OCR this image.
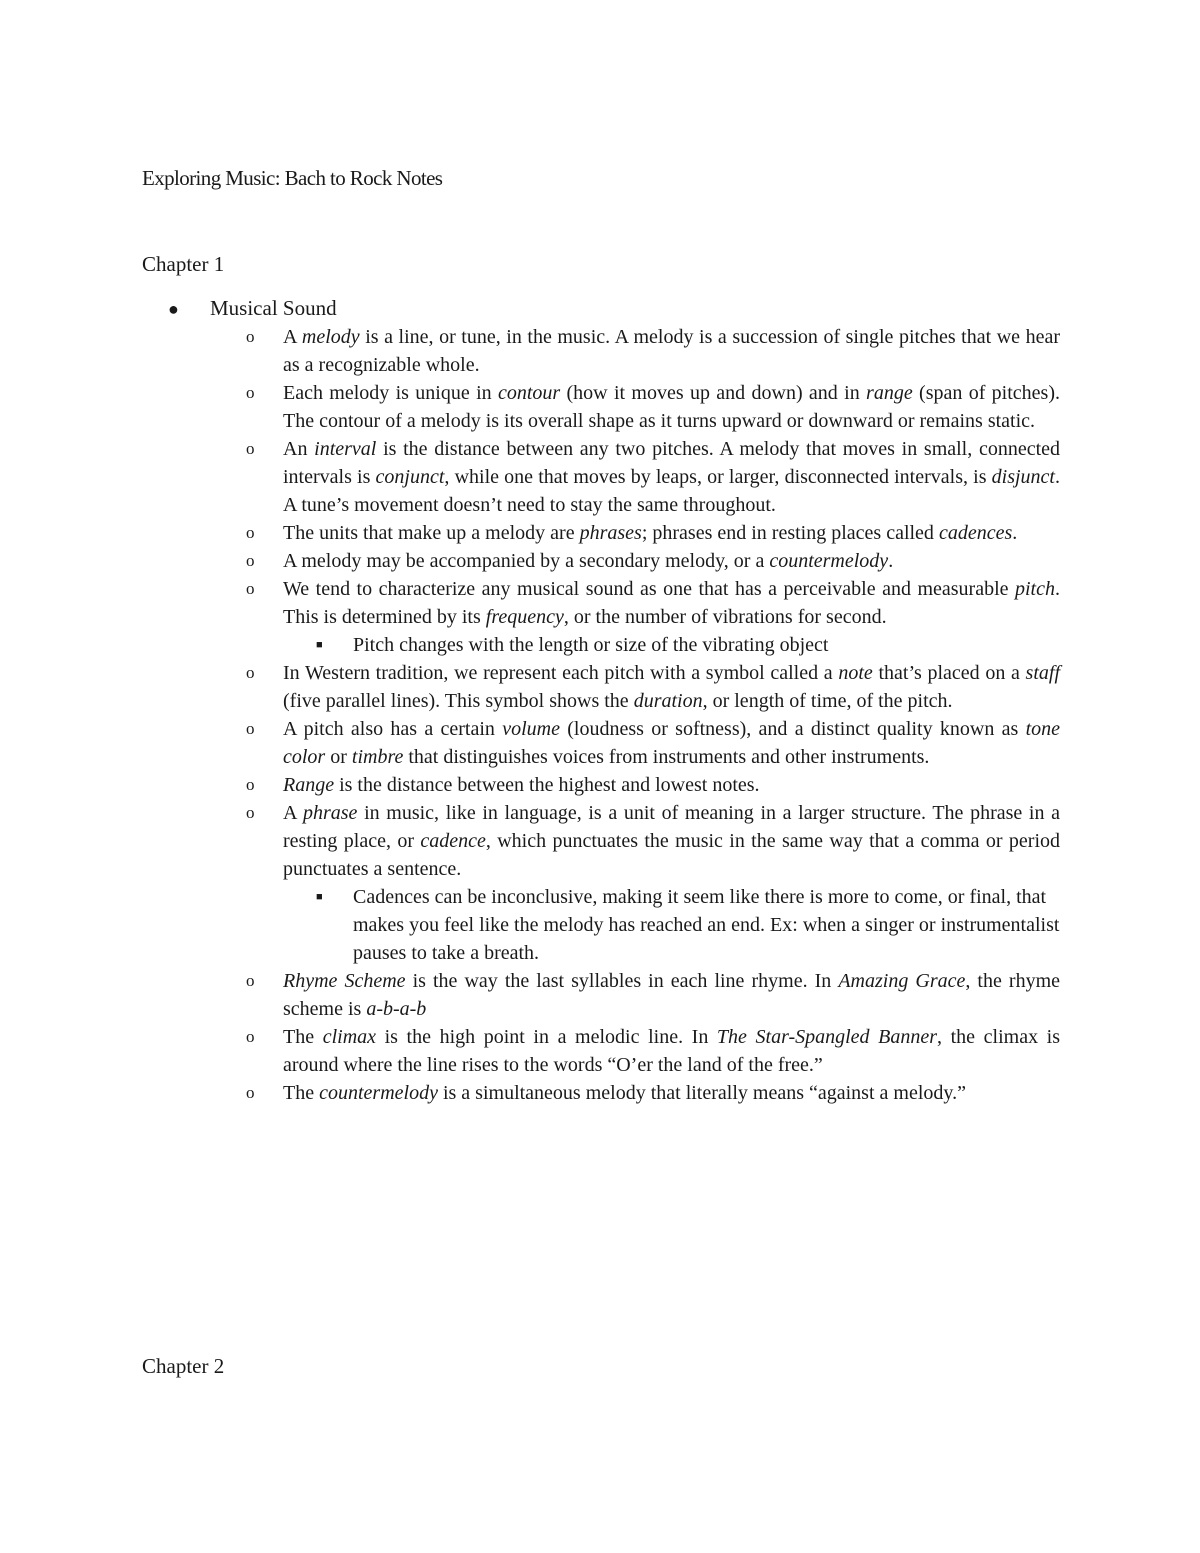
Exploring Music: Bach to Rock Notes
Chapter 1
●	Musical Sound
o	A melody is a line, or tune, in the music. A melody is a succession of single pitches that we hear as a recognizable whole.
o	Each melody is unique in contour (how it moves up and down) and in range (span of pitches). The contour of a melody is its overall shape as it turns upward or downward or remains static.
o	An interval is the distance between any two pitches. A melody that moves in small, connected intervals is conjunct, while one that moves by leaps, or larger, disconnected intervals, is disjunct. A tune’s movement doesn’t need to stay the same throughout.
o	The units that make up a melody are phrases; phrases end in resting places called cadences.
o	A melody may be accompanied by a secondary melody, or a countermelody.
o	We tend to characterize any musical sound as one that has a perceivable and measurable pitch. This is determined by its frequency, or the number of vibrations for second.
■	Pitch changes with the length or size of the vibrating object
o	In Western tradition, we represent each pitch with a symbol called a note that’s placed on a staff (five parallel lines). This symbol shows the duration, or length of time, of the pitch.
o	A pitch also has a certain volume (loudness or softness), and a distinct quality known as tone color or timbre that distinguishes voices from instruments and other instruments.
o	Range is the distance between the highest and lowest notes.
o	A phrase in music, like in language, is a unit of meaning in a larger structure. The phrase in a resting place, or cadence, which punctuates the music in the same way that a comma or period punctuates a sentence.
■	Cadences can be inconclusive, making it seem like there is more to come, or final, that makes you feel like the melody has reached an end. Ex: when a singer or instrumentalist pauses to take a breath.
o	Rhyme Scheme is the way the last syllables in each line rhyme. In Amazing Grace, the rhyme scheme is a-b-a-b
o	The climax is the high point in a melodic line. In The Star-Spangled Banner, the climax is around where the line rises to the words “O’er the land of the free.”
o	The countermelody is a simultaneous melody that literally means “against a melody.”
Chapter 2
